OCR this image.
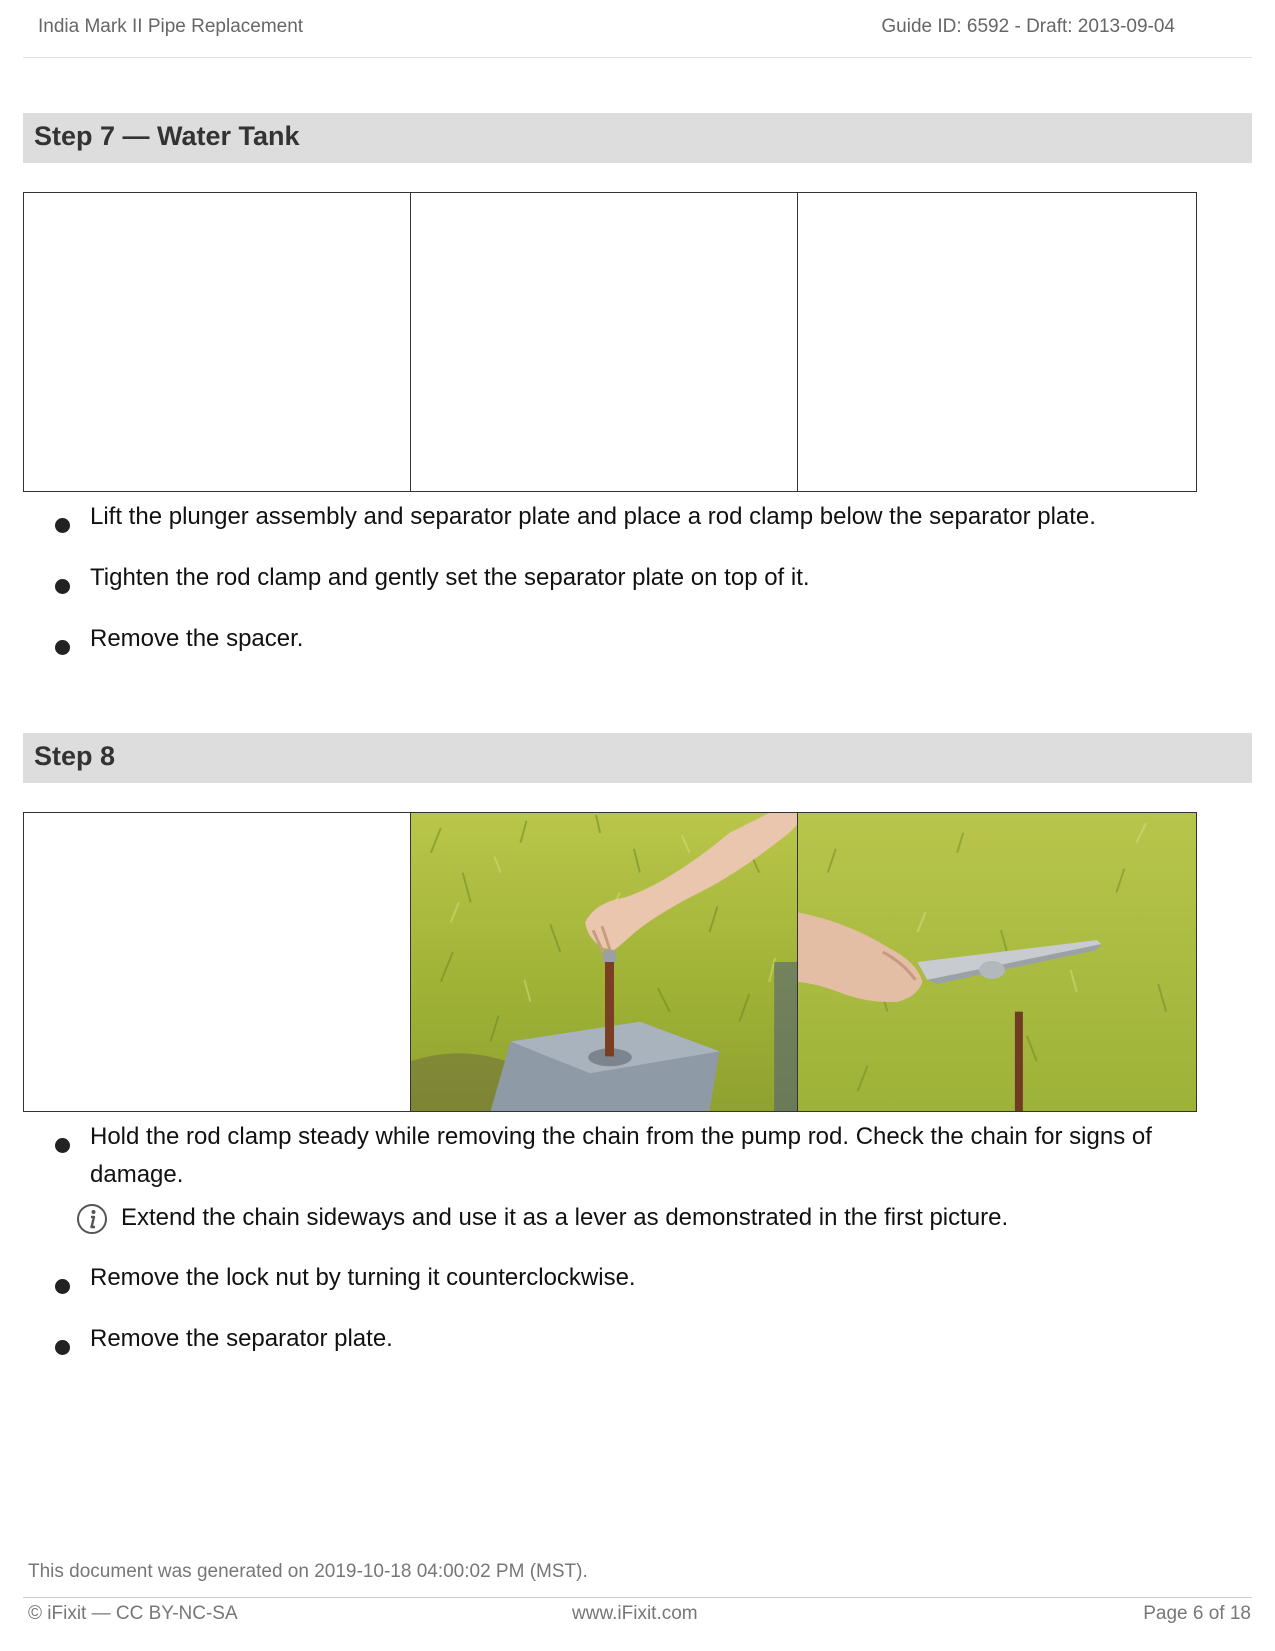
India Mark II Pipe Replacement	Guide ID: 6592 - Draft: 2013-09-04
Step 7 — Water Tank
Lift the plunger assembly and separator plate and place a rod clamp below the separator plate.
Tighten the rod clamp and gently set the separator plate on top of it.
Remove the spacer.
Step 8
Hold the rod clamp steady while removing the chain from the pump rod. Check the chain for signs of damage.
Extend the chain sideways and use it as a lever as demonstrated in the first picture.
Remove the lock nut by turning it counterclockwise.
Remove the separator plate.
This document was generated on 2019-10-18 04:00:02 PM (MST).
© iFixit — CC BY-NC-SA	www.iFixit.com	Page 6 of 18
